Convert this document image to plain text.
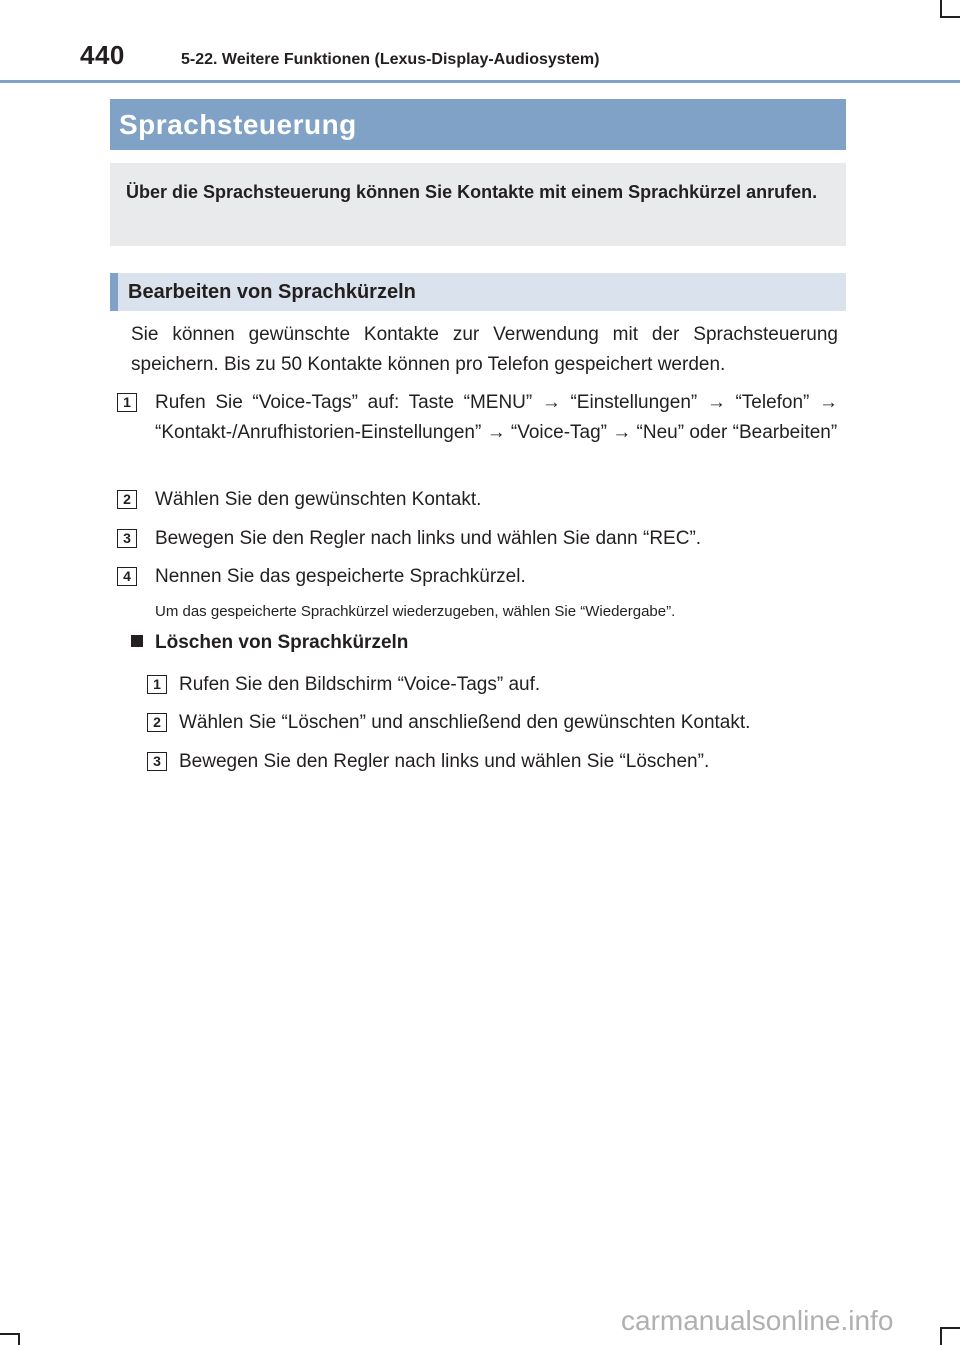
440	5-22. Weitere Funktionen (Lexus-Display-Audiosystem)
Sprachsteuerung
Über die Sprachsteuerung können Sie Kontakte mit einem Sprachkürzel anrufen.
Bearbeiten von Sprachkürzeln
Sie können gewünschte Kontakte zur Verwendung mit der Sprachsteuerung speichern. Bis zu 50 Kontakte können pro Telefon gespeichert werden.
1	Rufen Sie “Voice-Tags” auf: Taste “MENU” → “Einstellungen” → “Telefon” → “Kontakt-/Anrufhistorien-Einstellungen” → “Voice-Tag” → “Neu” oder “Bearbeiten”
2	Wählen Sie den gewünschten Kontakt.
3	Bewegen Sie den Regler nach links und wählen Sie dann “REC”.
4	Nennen Sie das gespeicherte Sprachkürzel.
Um das gespeicherte Sprachkürzel wiederzugeben, wählen Sie “Wiedergabe”.
Löschen von Sprachkürzeln
1 Rufen Sie den Bildschirm “Voice-Tags” auf.
2 Wählen Sie “Löschen” und anschließend den gewünschten Kontakt.
3 Bewegen Sie den Regler nach links und wählen Sie “Löschen”.
carmanualsonline.info
